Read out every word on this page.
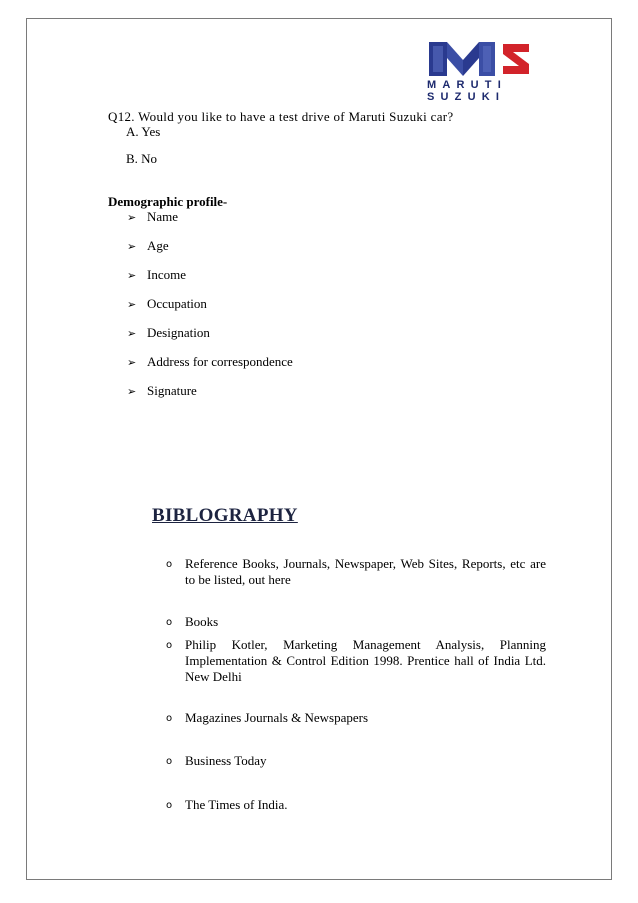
MARUTI
SUZUKI
Q12. Would you like to have a test drive of Maruti Suzuki car?
A. Yes
B. No
Demographic profile-
➢ Name
➢ Age
➢ Income
➢ Occupation
➢ Designation
➢ Address for correspondence
➢ Signature
BIBLOGRAPHY
o Reference Books, Journals, Newspaper, Web Sites, Reports, etc are to be listed, out here
o Books
o Philip Kotler, Marketing Management Analysis, Planning Implementation & Control Edition 1998. Prentice hall of India Ltd. New Delhi
o Magazines Journals & Newspapers
o Business Today
o The Times of India.
